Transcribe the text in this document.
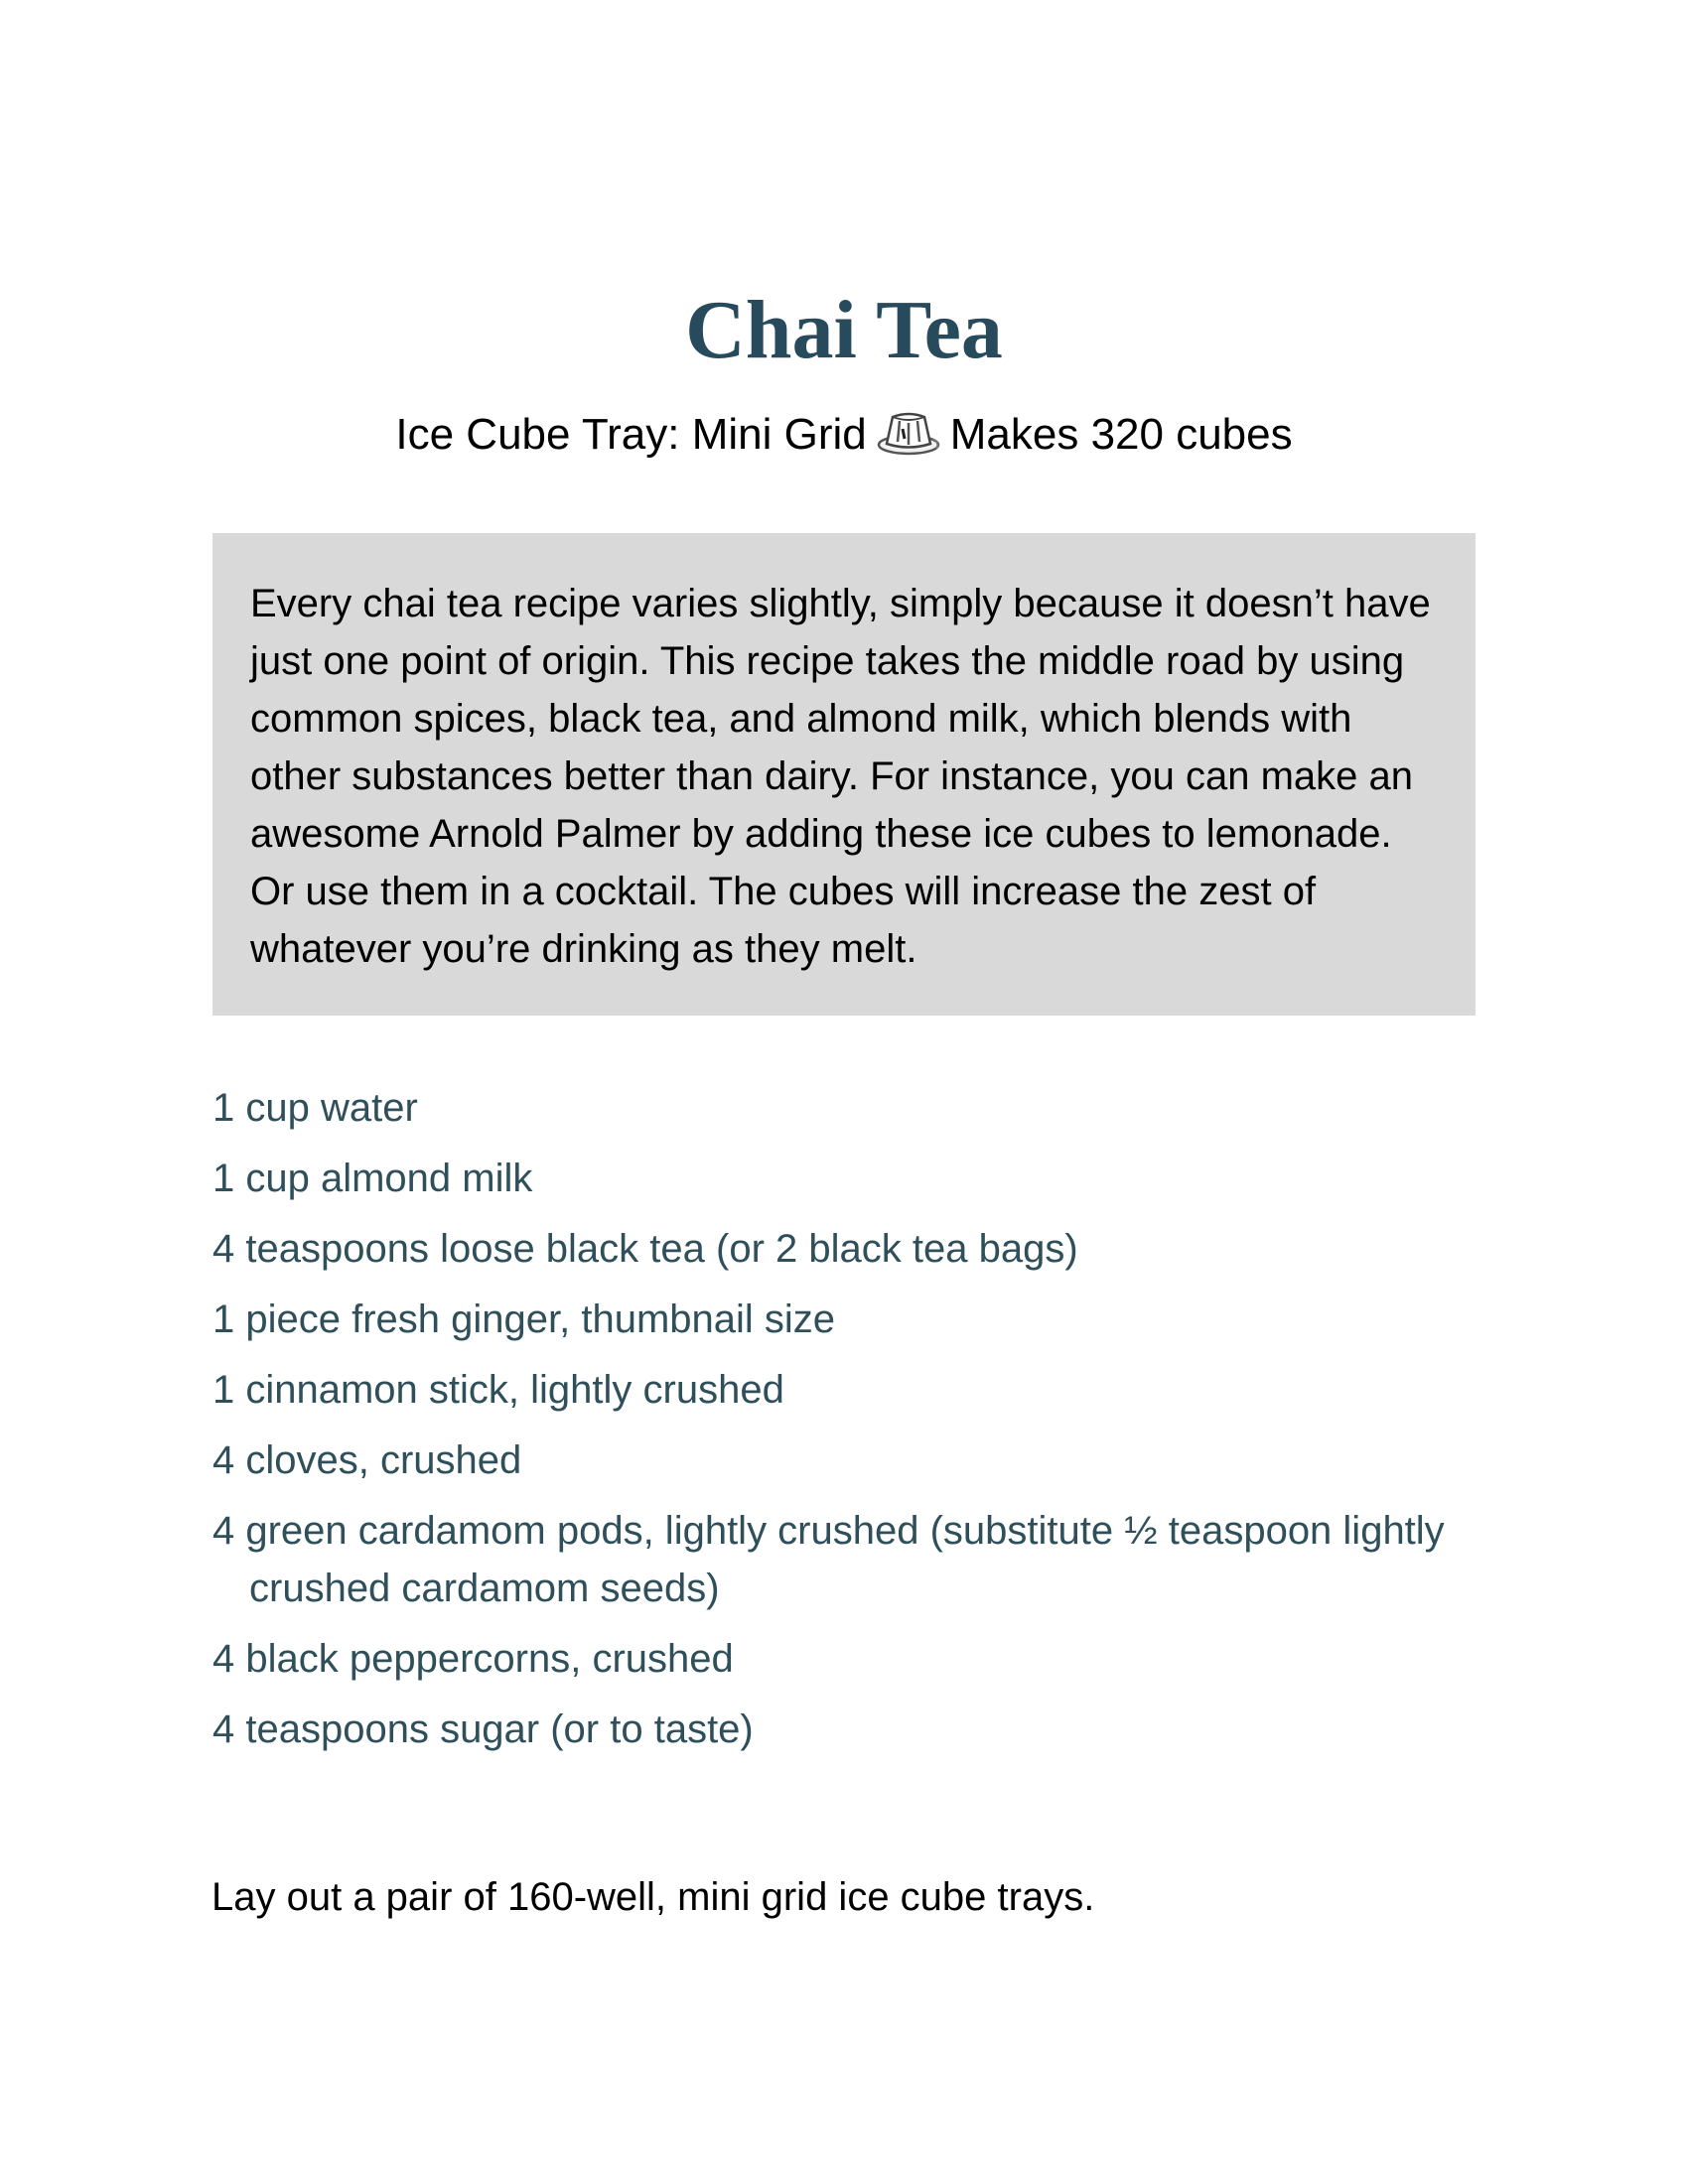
Chai Tea
Ice Cube Tray: Mini Grid Makes 320 cubes

Every chai tea recipe varies slightly, simply because it doesn’t have just one point of origin. This recipe takes the middle road by using common spices, black tea, and almond milk, which blends with other substances better than dairy. For instance, you can make an awesome Arnold Palmer by adding these ice cubes to lemonade. Or use them in a cocktail. The cubes will increase the zest of whatever you’re drinking as they melt.

1 cup water
1 cup almond milk
4 teaspoons loose black tea (or 2 black tea bags)
1 piece fresh ginger, thumbnail size
1 cinnamon stick, lightly crushed
4 cloves, crushed
4 green cardamom pods, lightly crushed (substitute ½ teaspoon lightly crushed cardamom seeds)
4 black peppercorns, crushed
4 teaspoons sugar (or to taste)

Lay out a pair of 160-well, mini grid ice cube trays.
